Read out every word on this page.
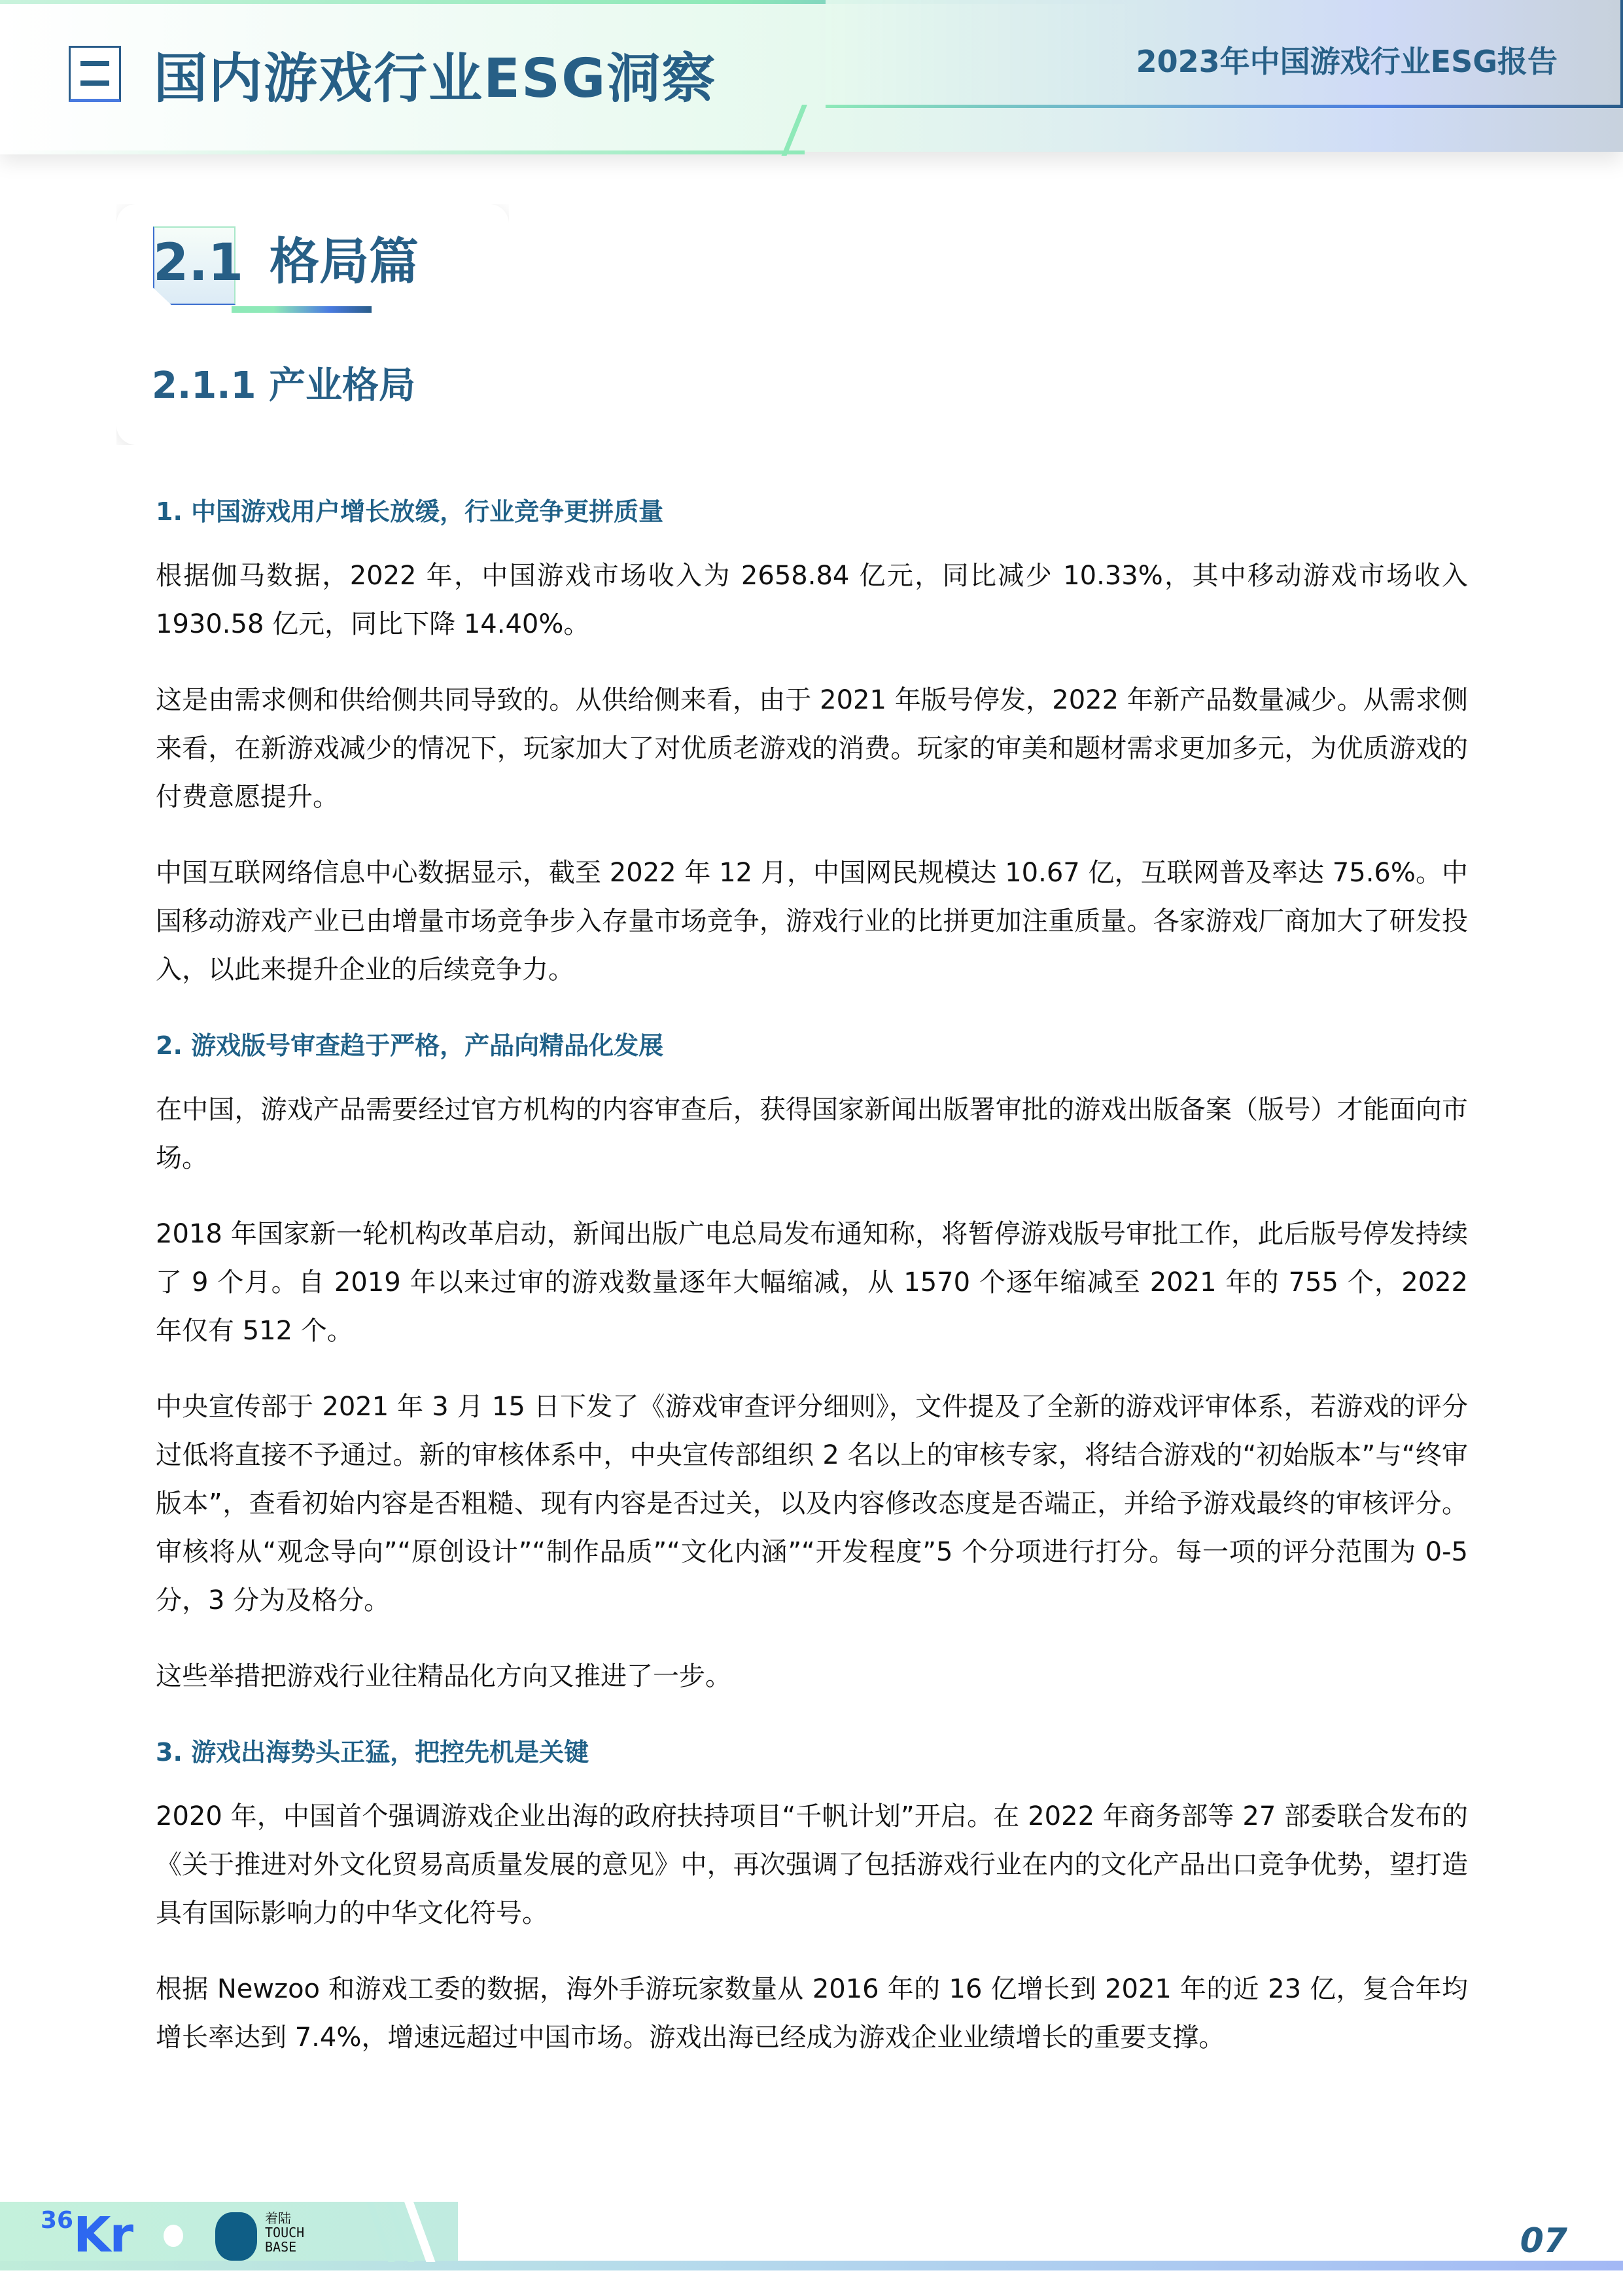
国内游戏行业ESG洞察	2023年中国游戏行业ESG报告
2.1 格局篇
2.1.1 产业格局
1. 中国游戏用户增长放缓，行业竞争更拼质量

根据伽马数据，2022 年，中国游戏市场收入为 2658.84 亿元，同比减少 10.33%，其中移动游戏市场收入 1930.58 亿元，同比下降 14.40%。

这是由需求侧和供给侧共同导致的。从供给侧来看，由于 2021 年版号停发，2022 年新产品数量减少。从需求侧来看，在新游戏减少的情况下，玩家加大了对优质老游戏的消费。玩家的审美和题材需求更加多元，为优质游戏的付费意愿提升。

中国互联网络信息中心数据显示，截至 2022 年 12 月，中国网民规模达 10.67 亿，互联网普及率达 75.6%。中国移动游戏产业已由增量市场竞争步入存量市场竞争，游戏行业的比拼更加注重质量。各家游戏厂商加大了研发投入，以此来提升企业的后续竞争力。

2. 游戏版号审查趋于严格，产品向精品化发展

在中国，游戏产品需要经过官方机构的内容审查后，获得国家新闻出版署审批的游戏出版备案（版号）才能面向市场。

2018 年国家新一轮机构改革启动，新闻出版广电总局发布通知称，将暂停游戏版号审批工作，此后版号停发持续了 9 个月。自 2019 年以来过审的游戏数量逐年大幅缩减，从 1570 个逐年缩减至 2021 年的 755 个，2022 年仅有 512 个。

中央宣传部于 2021 年 3 月 15 日下发了《游戏审查评分细则》，文件提及了全新的游戏评审体系，若游戏的评分过低将直接不予通过。新的审核体系中，中央宣传部组织 2 名以上的审核专家，将结合游戏的“初始版本”与“终审版本”，查看初始内容是否粗糙、现有内容是否过关，以及内容修改态度是否端正，并给予游戏最终的审核评分。审核将从“观念导向”“原创设计”“制作品质”“文化内涵”“开发程度”5 个分项进行打分。每一项的评分范围为 0-5 分，3 分为及格分。

这些举措把游戏行业往精品化方向又推进了一步。

3. 游戏出海势头正猛，把控先机是关键

2020 年，中国首个强调游戏企业出海的政府扶持项目“千帆计划”开启。在 2022 年商务部等 27 部委联合发布的《关于推进对外文化贸易高质量发展的意见》中，再次强调了包括游戏行业在内的文化产品出口竞争优势，望打造具有国际影响力的中华文化符号。

根据 Newzoo 和游戏工委的数据，海外手游玩家数量从 2016 年的 16 亿增长到 2021 年的近 23 亿，复合年均增长率达到 7.4%，增速远超过中国市场。游戏出海已经成为游戏企业业绩增长的重要支撑。

36Kr	着陆
TOUCH
BASE	07
